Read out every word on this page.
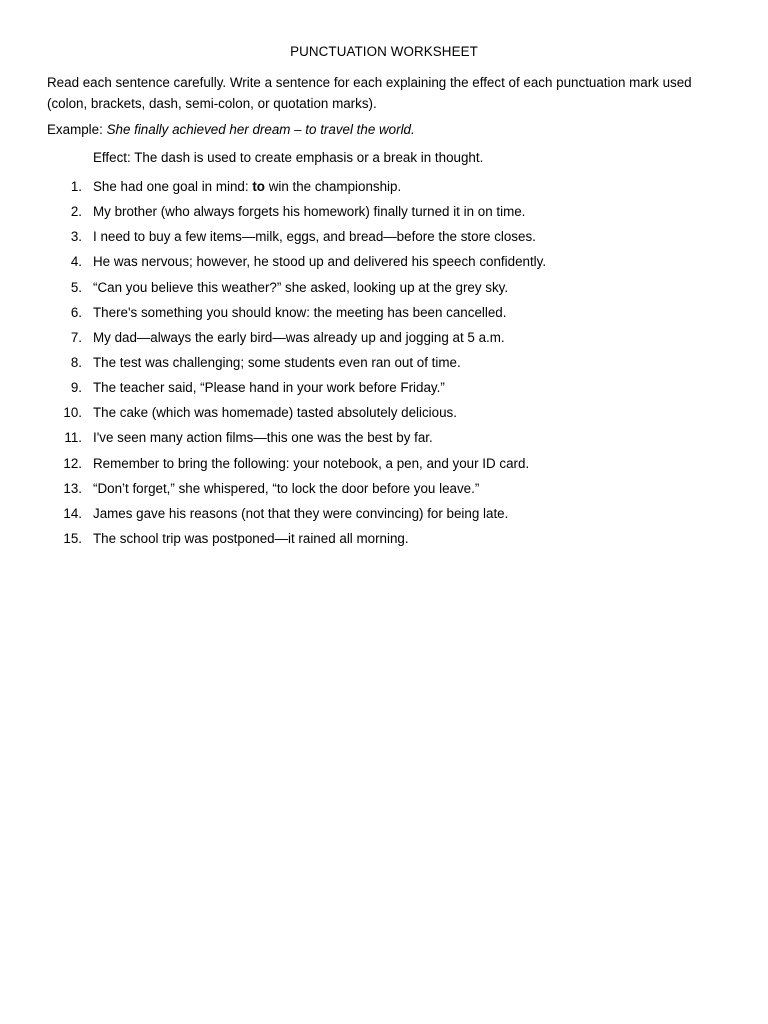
PUNCTUATION WORKSHEET
Read each sentence carefully. Write a sentence for each explaining the effect of each punctuation mark used (colon, brackets, dash, semi-colon, or quotation marks).
Example: She finally achieved her dream – to travel the world.
Effect: The dash is used to create emphasis or a break in thought.
1. She had one goal in mind: to win the championship.
2. My brother (who always forgets his homework) finally turned it in on time.
3. I need to buy a few items—milk, eggs, and bread—before the store closes.
4. He was nervous; however, he stood up and delivered his speech confidently.
5. “Can you believe this weather?” she asked, looking up at the grey sky.
6. There's something you should know: the meeting has been cancelled.
7. My dad—always the early bird—was already up and jogging at 5 a.m.
8. The test was challenging; some students even ran out of time.
9. The teacher said, “Please hand in your work before Friday.”
10. The cake (which was homemade) tasted absolutely delicious.
11. I've seen many action films—this one was the best by far.
12. Remember to bring the following: your notebook, a pen, and your ID card.
13. “Don’t forget,” she whispered, “to lock the door before you leave.”
14. James gave his reasons (not that they were convincing) for being late.
15. The school trip was postponed—it rained all morning.
